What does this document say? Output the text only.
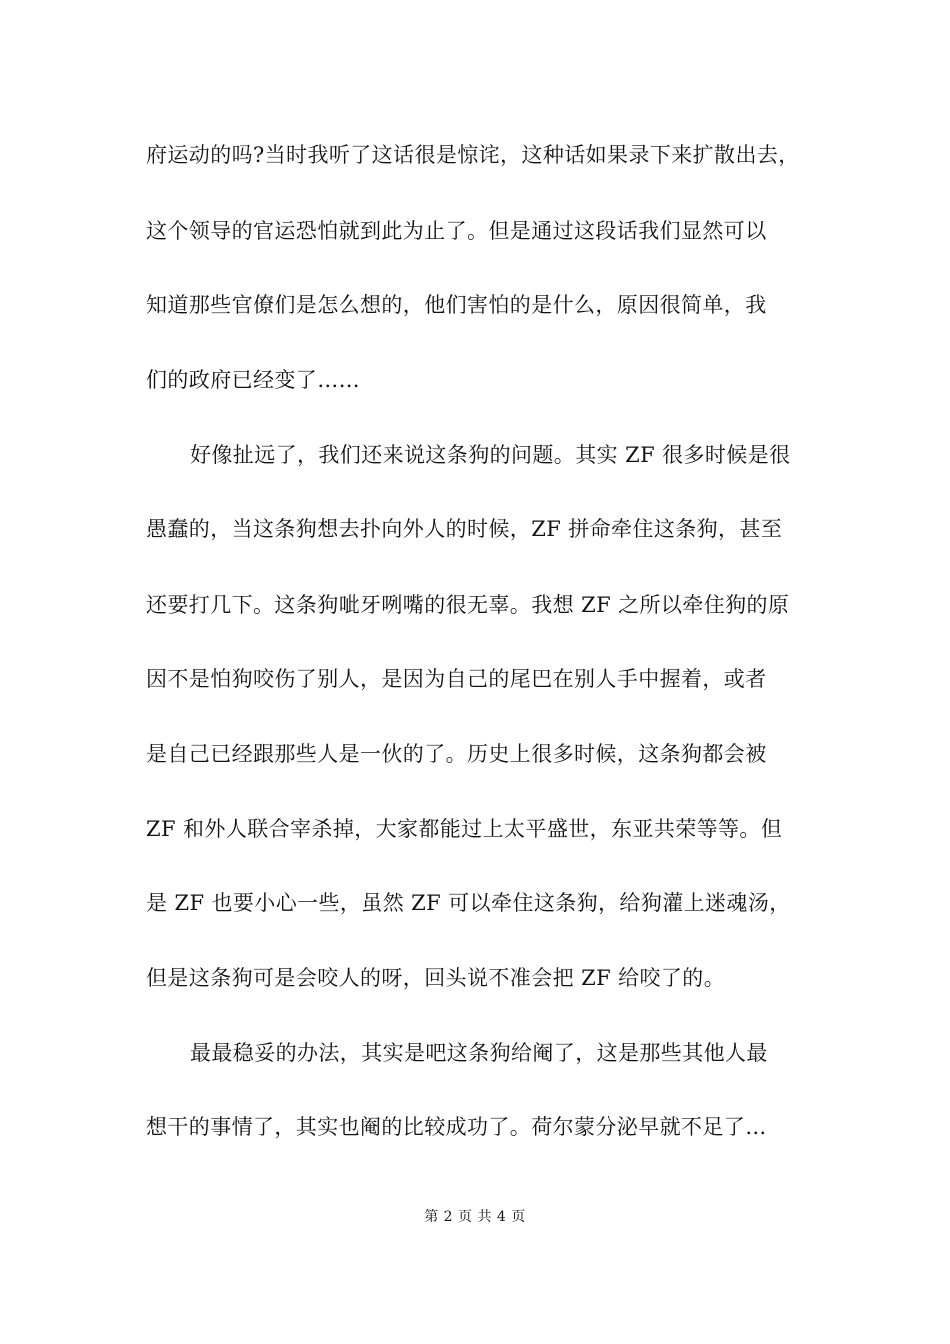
府运动的吗?当时我听了这话很是惊诧，这种话如果录下来扩散出去，
这个领导的官运恐怕就到此为止了。但是通过这段话我们显然可以
知道那些官僚们是怎么想的，他们害怕的是什么，原因很简单，我
们的政府已经变了……
好像扯远了，我们还来说这条狗的问题。其实 ZF 很多时候是很
愚蠢的，当这条狗想去扑向外人的时候，ZF 拼命牵住这条狗，甚至
还要打几下。这条狗呲牙咧嘴的很无辜。我想 ZF 之所以牵住狗的原
因不是怕狗咬伤了别人，是因为自己的尾巴在别人手中握着，或者
是自己已经跟那些人是一伙的了。历史上很多时候，这条狗都会被
ZF 和外人联合宰杀掉，大家都能过上太平盛世，东亚共荣等等。但
是 ZF 也要小心一些，虽然 ZF 可以牵住这条狗，给狗灌上迷魂汤，
但是这条狗可是会咬人的呀，回头说不准会把 ZF 给咬了的。
最最稳妥的办法，其实是吧这条狗给阉了，这是那些其他人最
想干的事情了，其实也阉的比较成功了。荷尔蒙分泌早就不足了…
第 2 页 共 4 页
